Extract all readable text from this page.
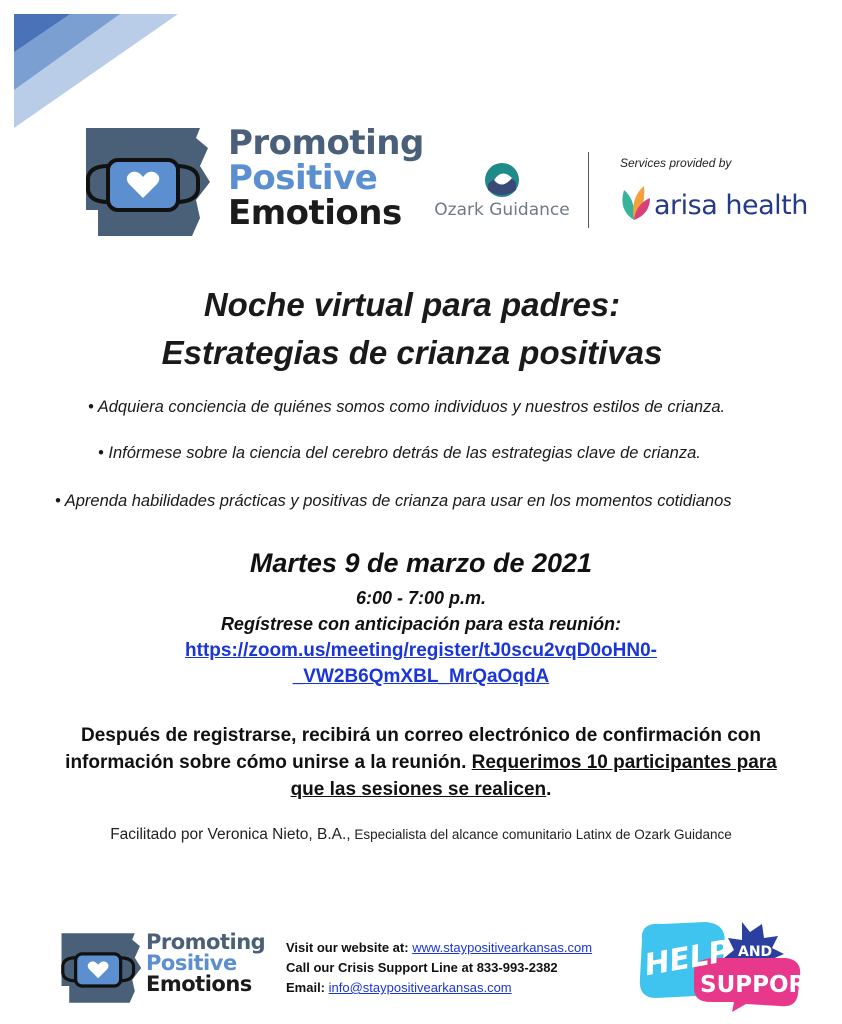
Promoting
Positive
Emotions	Ozark Guidance
Services provided by
arisa health
Noche virtual para padres:
Estrategias de crianza positivas
• Adquiera conciencia de quiénes somos como individuos y nuestros estilos de crianza.
• Infórmese sobre la ciencia del cerebro detrás de las estrategias clave de crianza.
• Aprenda habilidades prácticas y positivas de crianza para usar en los momentos cotidianos
Martes 9 de marzo de 2021
6:00 - 7:00 p.m.
Regístrese con anticipación para esta reunión:
https://zoom.us/meeting/register/tJ0scu2vqD0oHN0-
_VW2B6QmXBL_MrQaOqdA
Después de registrarse, recibirá un correo electrónico de confirmación con
información sobre cómo unirse a la reunión. Requerimos 10 participantes para
que las sesiones se realicen.
Facilitado por Veronica Nieto, B.A., Especialista del alcance comunitario Latinx de Ozark Guidance
Promoting
Positive
Emotions
Visit our website at: www.staypositivearkansas.com
Call our Crisis Support Line at 833-993-2382
Email: info@staypositivearkansas.com
HELP AND
SUPPORT
